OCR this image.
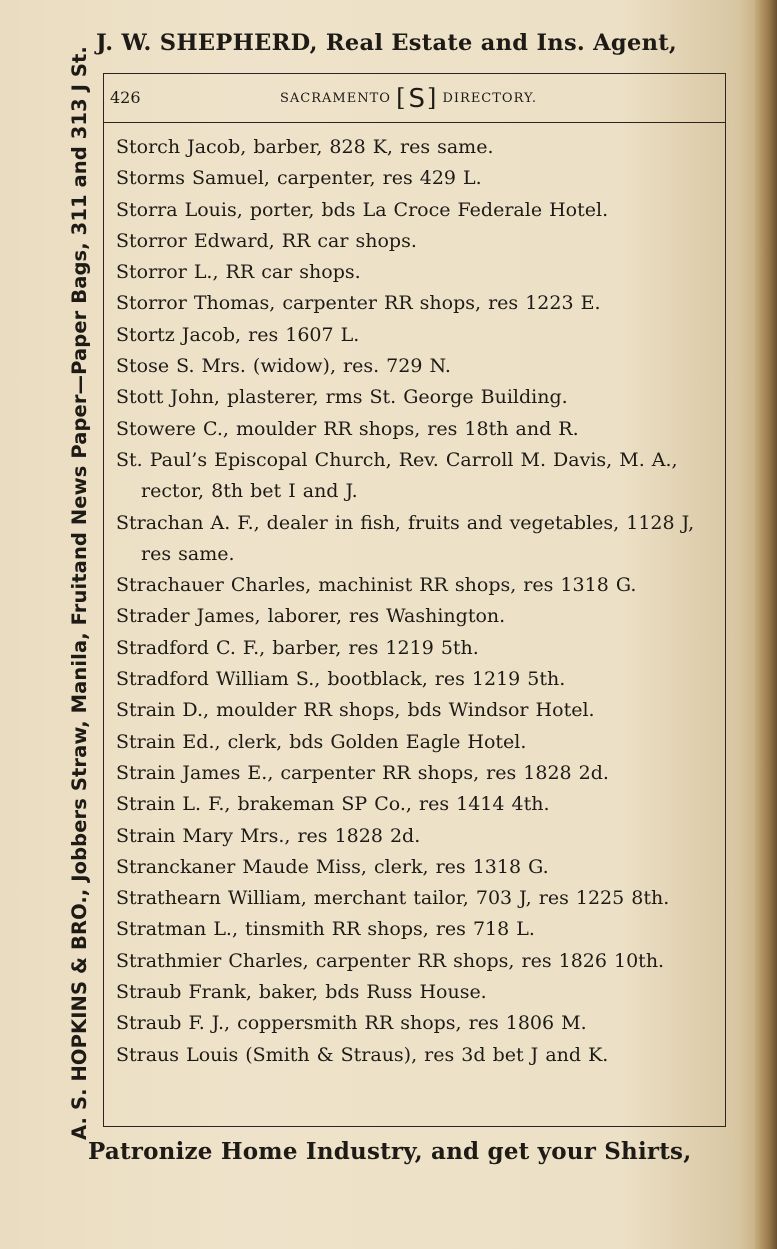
J. W. SHEPHERD, Real Estate and Ins. Agent,
A. S. HOPKINS & BRO., Jobbers Straw, Manila, Fruitand News Paper—Paper Bags, 311 and 313 J St.	426	SACRAMENTO [S] DIRECTORY.
Storch Jacob, barber, 828 K, res same.
Storms Samuel, carpenter, res 429 L.
Storra Louis, porter, bds La Croce Federale Hotel.
Storror Edward, RR car shops.
Storror L., RR car shops.
Storror Thomas, carpenter RR shops, res 1223 E.
Stortz Jacob, res 1607 L.
Stose S. Mrs. (widow), res. 729 N.
Stott John, plasterer, rms St. George Building.
Stowere C., moulder RR shops, res 18th and R.
St. Paul’s Episcopal Church, Rev. Carroll M. Davis, M. A., rector, 8th bet I and J.
Strachan A. F., dealer in fish, fruits and vegetables, 1128 J, res same.
Strachauer Charles, machinist RR shops, res 1318 G.
Strader James, laborer, res Washington.
Stradford C. F., barber, res 1219 5th.
Stradford William S., bootblack, res 1219 5th.
Strain D., moulder RR shops, bds Windsor Hotel.
Strain Ed., clerk, bds Golden Eagle Hotel.
Strain James E., carpenter RR shops, res 1828 2d.
Strain L. F., brakeman SP Co., res 1414 4th.
Strain Mary Mrs., res 1828 2d.
Stranckaner Maude Miss, clerk, res 1318 G.
Strathearn William, merchant tailor, 703 J, res 1225 8th.
Stratman L., tinsmith RR shops, res 718 L.
Strathmier Charles, carpenter RR shops, res 1826 10th.
Straub Frank, baker, bds Russ House.
Straub F. J., coppersmith RR shops, res 1806 M.
Straus Louis (Smith & Straus), res 3d bet J and K.
Patronize Home Industry, and get your Shirts,
